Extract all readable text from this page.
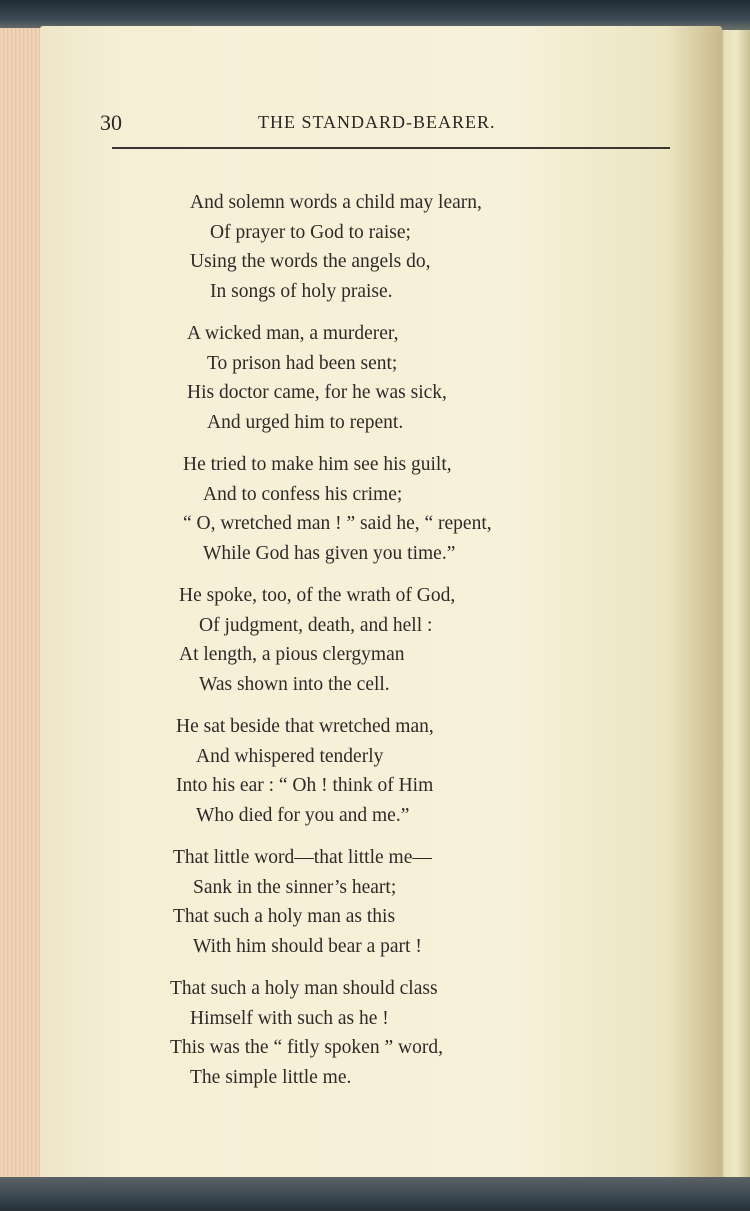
30	THE STANDARD-BEARER.
And solemn words a child may learn,
Of prayer to God to raise;
Using the words the angels do,
In songs of holy praise.
A wicked man, a murderer,
To prison had been sent;
His doctor came, for he was sick,
And urged him to repent.
He tried to make him see his guilt,
And to confess his crime;
“ O, wretched man ! ” said he, “ repent,
While God has given you time.”
He spoke, too, of the wrath of God,
Of judgment, death, and hell :
At length, a pious clergyman
Was shown into the cell.
He sat beside that wretched man,
And whispered tenderly
Into his ear : “ Oh ! think of Him
Who died for you and me.”
That little word—that little me—
Sank in the sinner’s heart;
That such a holy man as this
With him should bear a part !
That such a holy man should class
Himself with such as he !
This was the “ fitly spoken ” word,
The simple little me.
